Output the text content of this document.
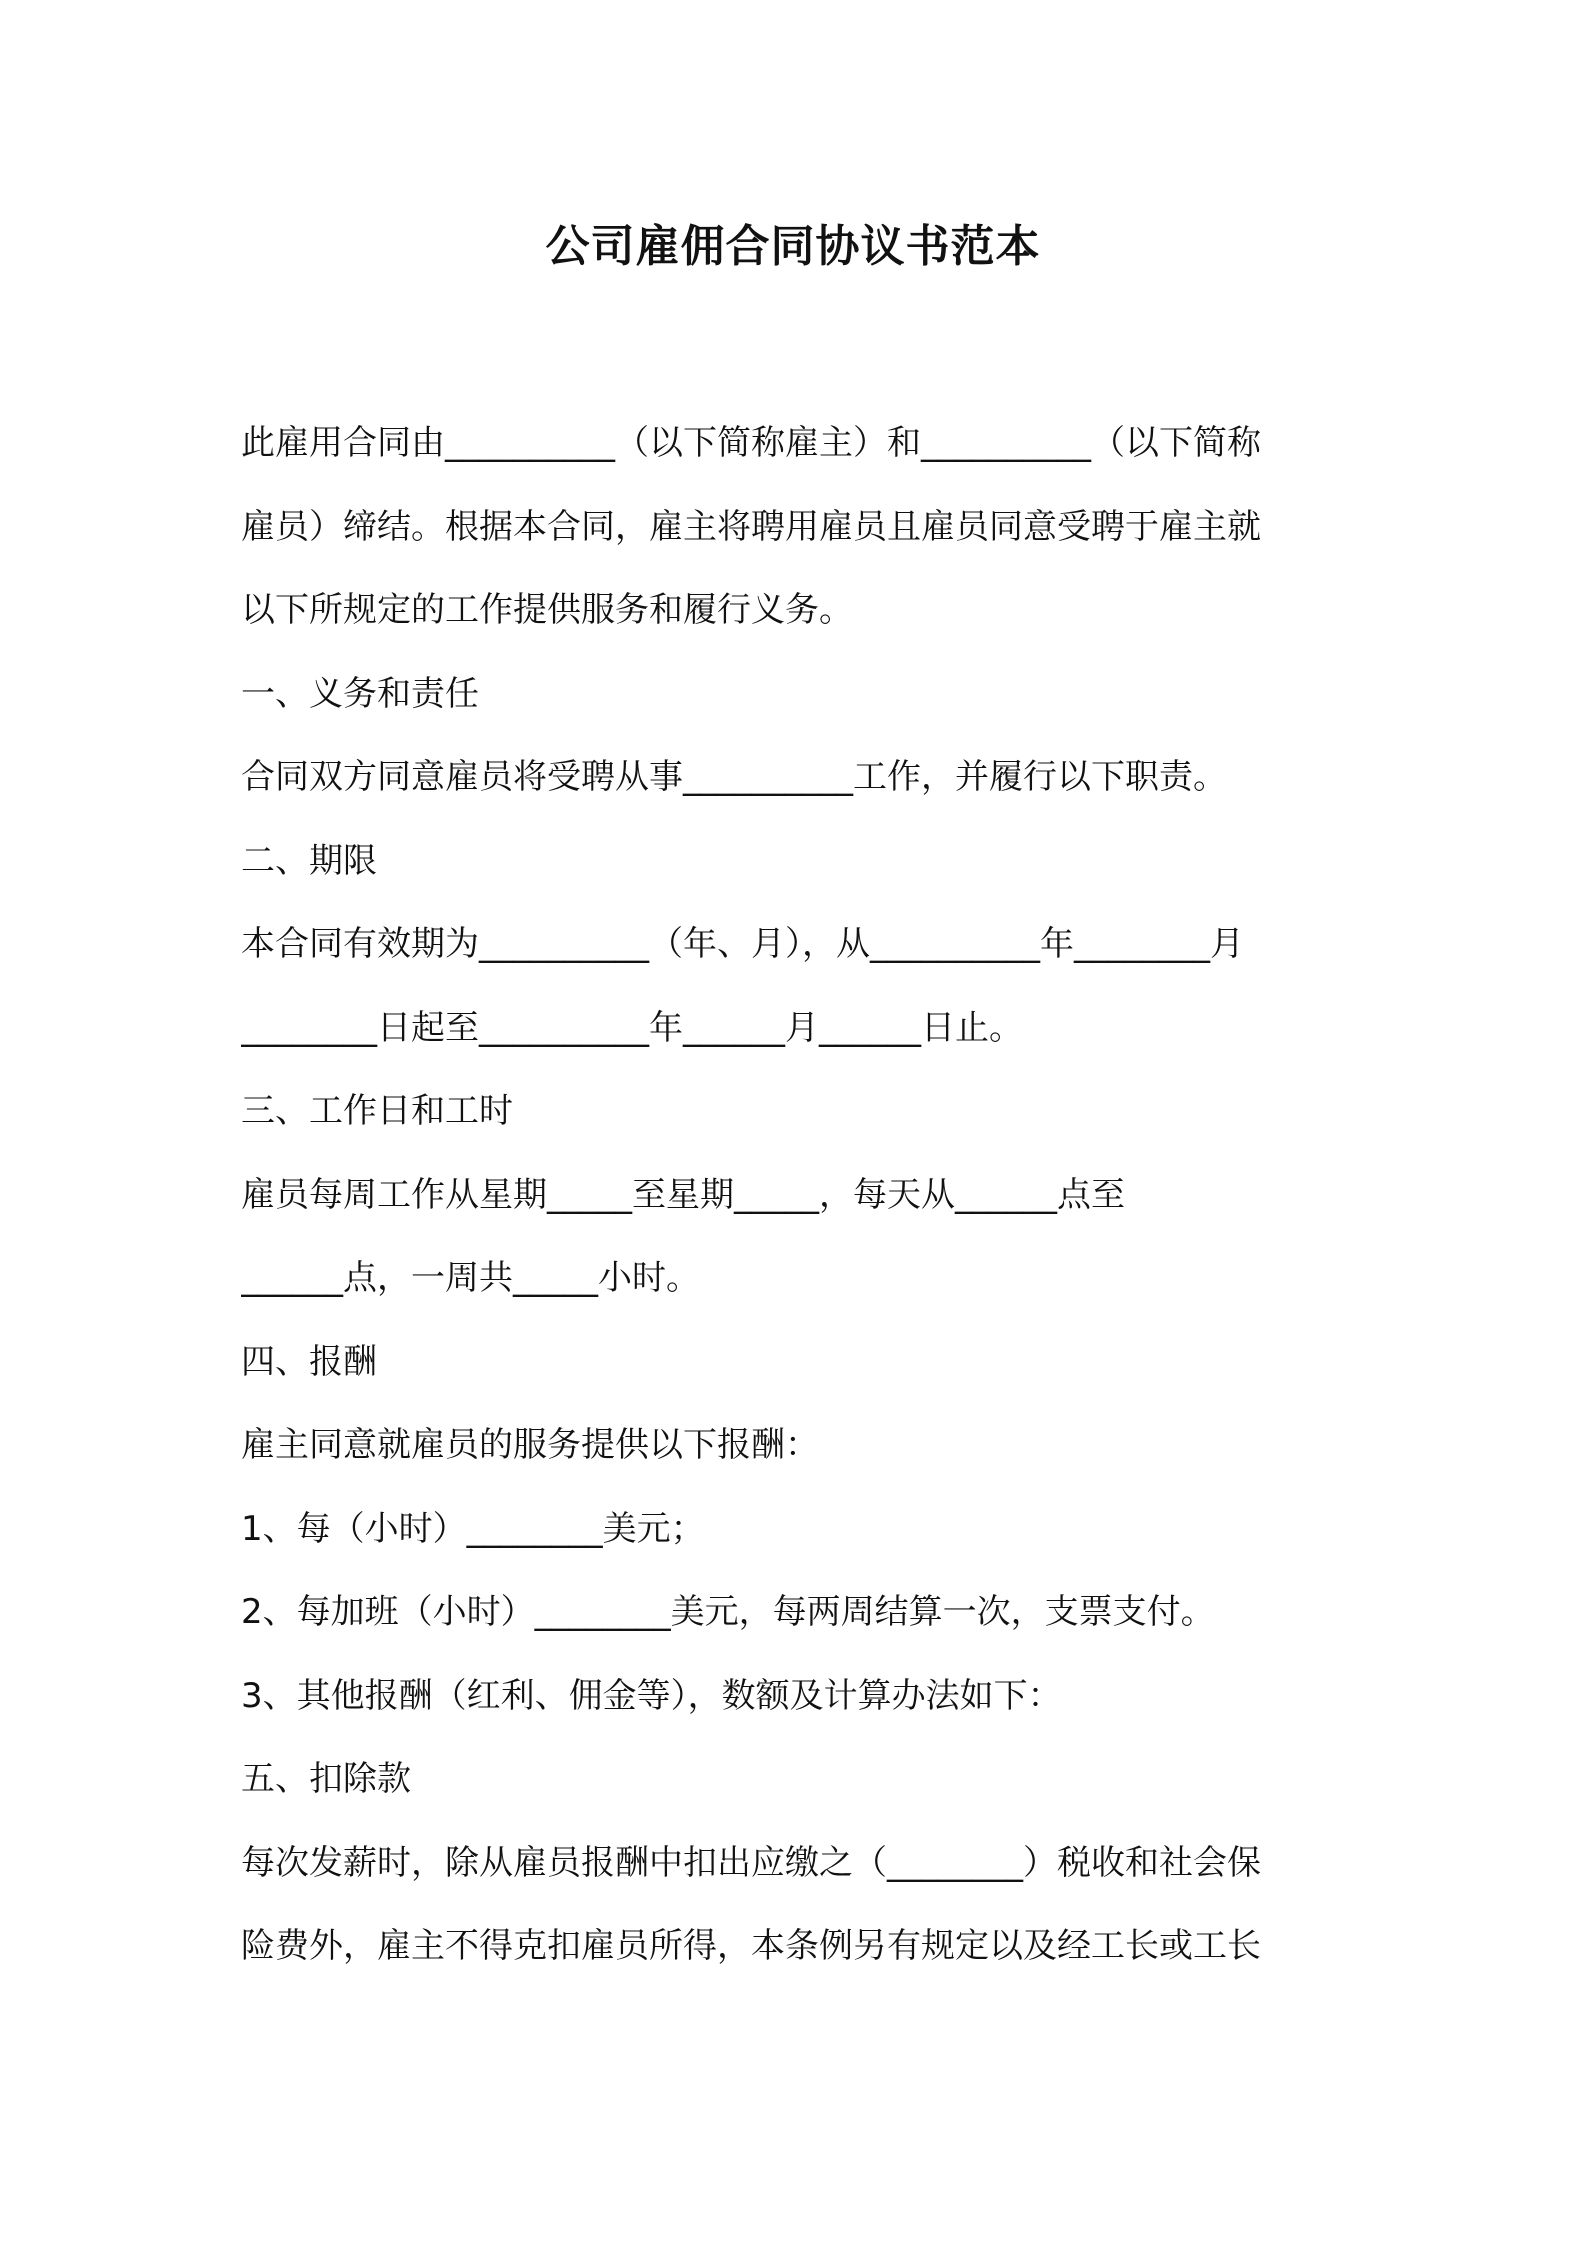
公司雇佣合同协议书范本
此雇用合同由__________（以下简称雇主）和__________（以下简称
雇员）缔结。根据本合同，雇主将聘用雇员且雇员同意受聘于雇主就
以下所规定的工作提供服务和履行义务。
一、义务和责任
合同双方同意雇员将受聘从事__________工作，并履行以下职责。
二、期限
本合同有效期为__________（年、月），从__________年________月
________日起至__________年______月______日止。
三、工作日和工时
雇员每周工作从星期_____至星期_____，每天从______点至
______点，一周共_____小时。
四、报酬
雇主同意就雇员的服务提供以下报酬：
1、每（小时）________美元；
2、每加班（小时）________美元，每两周结算一次，支票支付。
3、其他报酬（红利、佣金等），数额及计算办法如下：
五、扣除款
每次发薪时，除从雇员报酬中扣出应缴之（________）税收和社会保
险费外，雇主不得克扣雇员所得，本条例另有规定以及经工长或工长
